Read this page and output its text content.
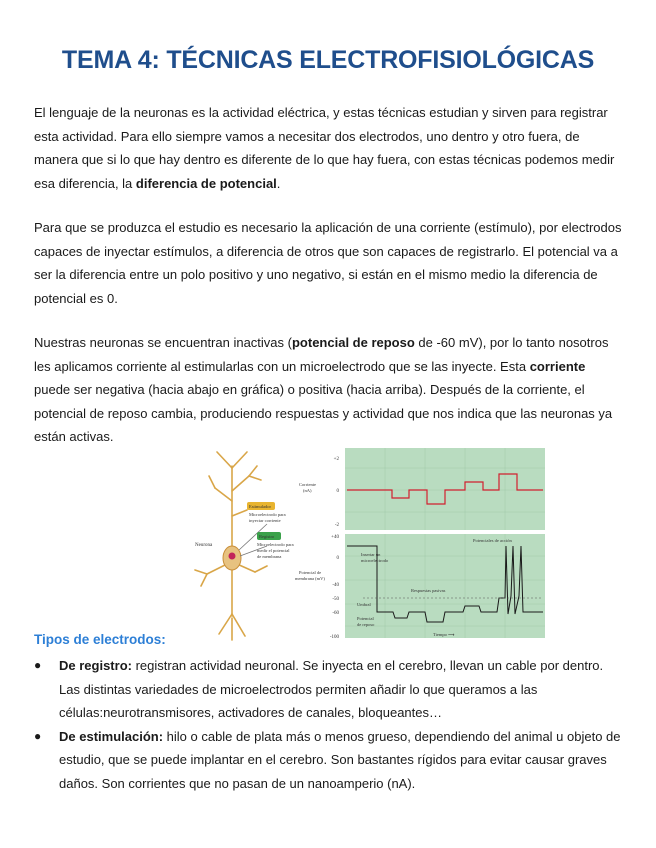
TEMA 4: TÉCNICAS ELECTROFISIOLÓGICAS

El lenguaje de la neuronas es la actividad eléctrica, y estas técnicas estudian y sirven para registrar esta actividad. Para ello siempre vamos a necesitar dos electrodos, uno dentro y otro fuera, de manera que si lo que hay dentro es diferente de lo que hay fuera, con estas técnicas podemos medir esa diferencia, la diferencia de potencial.

Para que se produzca el estudio es necesario la aplicación de una corriente (estímulo), por electrodos capaces de inyectar estímulos, a diferencia de otros que son capaces de registrarlo. El potencial va a ser la diferencia entre un polo positivo y uno negativo, si están en el mismo medio la diferencia de potencial es 0.

Nuestras neuronas se encuentran inactivas (potencial de reposo de -60 mV), por lo tanto nosotros les aplicamos corriente al estimularlas con un microelectrodo que se las inyecte. Esta corriente puede ser negativa (hacia abajo en gráfica) o positiva (hacia arriba). Después de la corriente, el potencial de reposo cambia, produciendo respuestas y actividad que nos indica que las neuronas ya están activas.

Neurona
Estimulador
Microelectrodo para
inyectar corriente
Registro
Microelectrodo para
medir el potencial
de membrana
+2
0
-2
Corriente
(nA)
+40
0
-40
-50
-60
-100
Potencial de
membrana (mV)
Insertar un
microelectrodo
Umbral
Respuestas pasivas
Potencial
de reposo
Potenciales de acción
Tiempo ⟶
Tipos de electrodos:
● De registro: registran actividad neuronal. Se inyecta en el cerebro, llevan un cable por dentro. Las distintas variedades de microelectrodos permiten añadir lo que queramos a las células:neurotransmisores, activadores de canales, bloqueantes…
● De estimulación: hilo o cable de plata más o menos grueso, dependiendo del animal u objeto de estudio, que se puede implantar en el cerebro. Son bastantes rígidos para evitar causar graves daños. Son corrientes que no pasan de un nanoamperio (nA).
